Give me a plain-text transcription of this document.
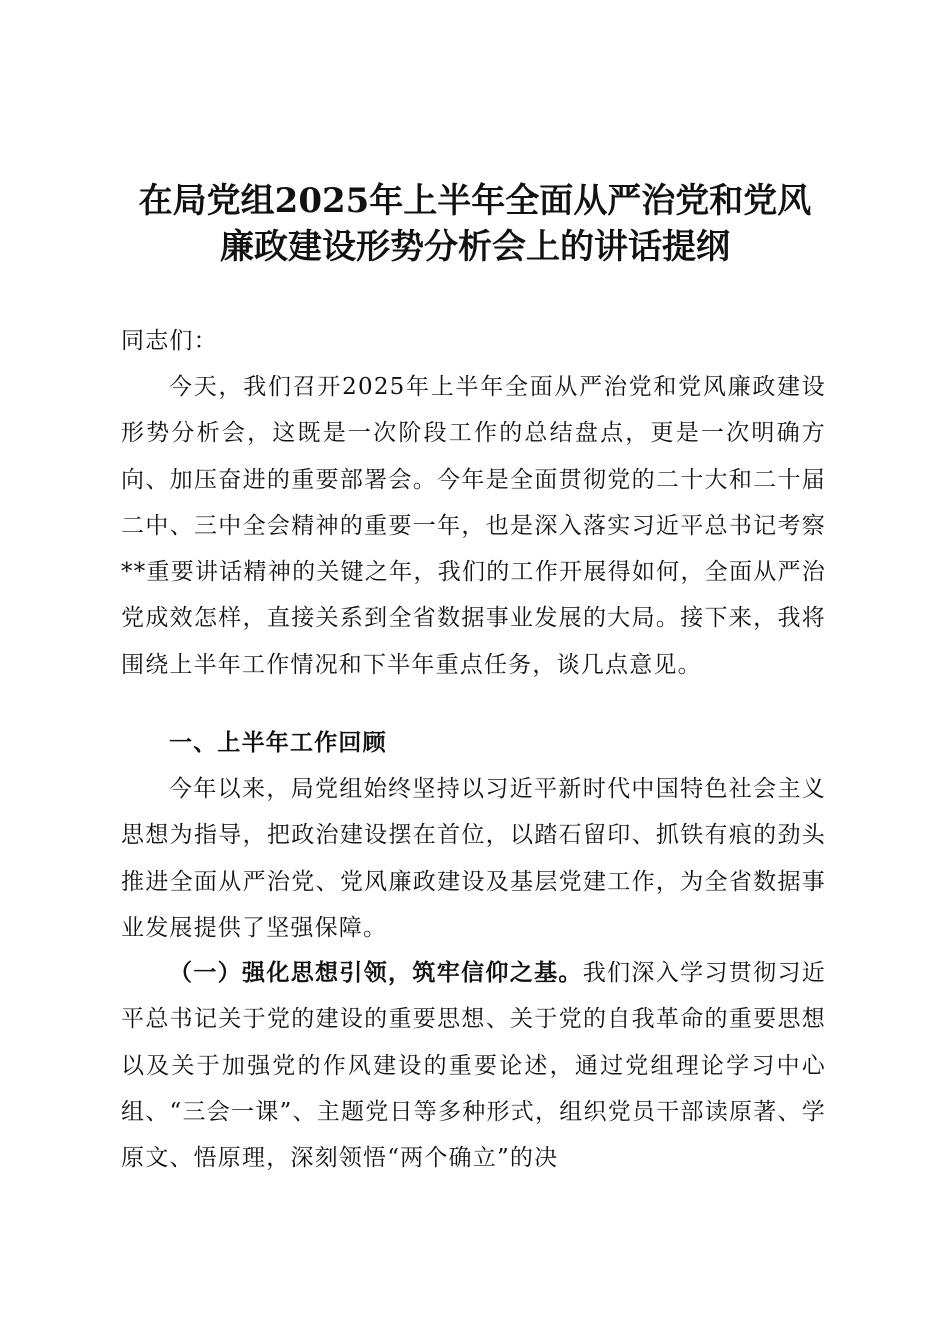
在局党组2025年上半年全面从严治党和党风
廉政建设形势分析会上的讲话提纲

同志们：

今天，我们召开2025年上半年全面从严治党和党风廉政建设形势分析会，这既是一次阶段工作的总结盘点，更是一次明确方向、加压奋进的重要部署会。今年是全面贯彻党的二十大和二十届二中、三中全会精神的重要一年，也是深入落实习近平总书记考察**重要讲话精神的关键之年，我们的工作开展得如何，全面从严治党成效怎样，直接关系到全省数据事业发展的大局。接下来，我将围绕上半年工作情况和下半年重点任务，谈几点意见。

一、上半年工作回顾

今年以来，局党组始终坚持以习近平新时代中国特色社会主义思想为指导，把政治建设摆在首位，以踏石留印、抓铁有痕的劲头推进全面从严治党、党风廉政建设及基层党建工作，为全省数据事业发展提供了坚强保障。

（一）强化思想引领，筑牢信仰之基。我们深入学习贯彻习近平总书记关于党的建设的重要思想、关于党的自我革命的重要思想以及关于加强党的作风建设的重要论述，通过党组理论学习中心组、“三会一课”、主题党日等多种形式，组织党员干部读原著、学原文、悟原理，深刻领悟“两个确立”的决
